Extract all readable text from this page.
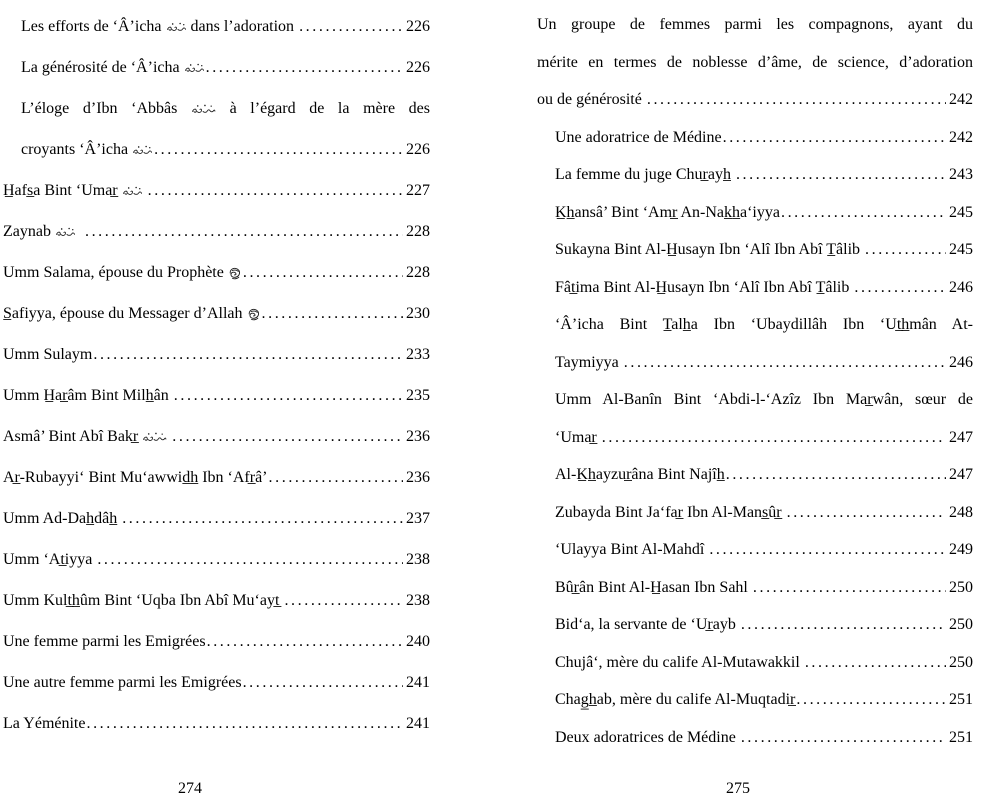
Les efforts de ‘Â’icha  dans l’adoration .....	226
La générosité de ‘Â’icha .....	226
L’éloge d’Ibn ‘Abbâs  à l’égard de la mère des
croyants ‘Â’icha .....	226
H̲afs̲a Bint ‘Umar̲ .....	227
Zaynab .....	228
Umm Salama, épouse du Prophète .....	228
S̲afiyya, épouse du Messager d’Allah .....	230
Umm Sulaym .....	233
Umm H̲ar̲âm Bint Milh̲ân .....	235
Asmâ’ Bint Abî Bakr̲ .....	236
Ar̲-Rubayyi‘ Bint Mu‘awwid̲h̲ Ibn ‘Afr̲â’ .....	236
Umm Ad-Dah̲dâh̲ .....	237
Umm ‘At̲iyya .....	238
Umm Kult̲h̲ûm Bint ‘Uqba Ibn Abî Mu‘ayt̲ .....	238
Une femme parmi les Emigrées .....	240
Une autre femme parmi les Emigrées .....	241
La Yéménite .....	241
274
Un groupe de femmes parmi les compagnons, ayant du
mérite en termes de noblesse d’âme, de science, d’adoration
ou de générosité .....	242
Une adoratrice de Médine .....	242
La femme du juge Chur̲ayh̲ .....	243
K̲h̲ansâ’ Bint ‘Amr̲ An-Nak̲h̲a‘iyya .....	245
Sukayna Bint Al-H̲usayn Ibn ‘Alî Ibn Abî T̲âlib .....	245
Fât̲ima Bint Al-H̲usayn Ibn ‘Alî Ibn Abî T̲âlib .....	246
‘Â’icha Bint T̲alh̲a Ibn ‘Ubaydillâh Ibn ‘Ut̲h̲mân At-
Taymiyya .....	246
Umm Al-Banîn Bint ‘Abdi-l-‘Azîz Ibn Mar̲wân, sœur de
‘Umar̲ .....	247
Al-K̲h̲ayzur̲âna Bint Najîh̲ .....	247
Zubayda Bint Ja‘far̲ Ibn Al-Mans̲ûr̲ .....	248
‘Ulayya Bint Al-Mahdî .....	249
Bûr̲ân Bint Al-H̲asan Ibn Sahl .....	250
Bid‘a, la servante de ‘Ur̲ayb .....	250
Chujâ‘, mère du calife Al-Mutawakkil .....	250
Chag̲h̲ab, mère du calife Al-Muqtadir̲ .....	251
Deux adoratrices de Médine .....	251
275
